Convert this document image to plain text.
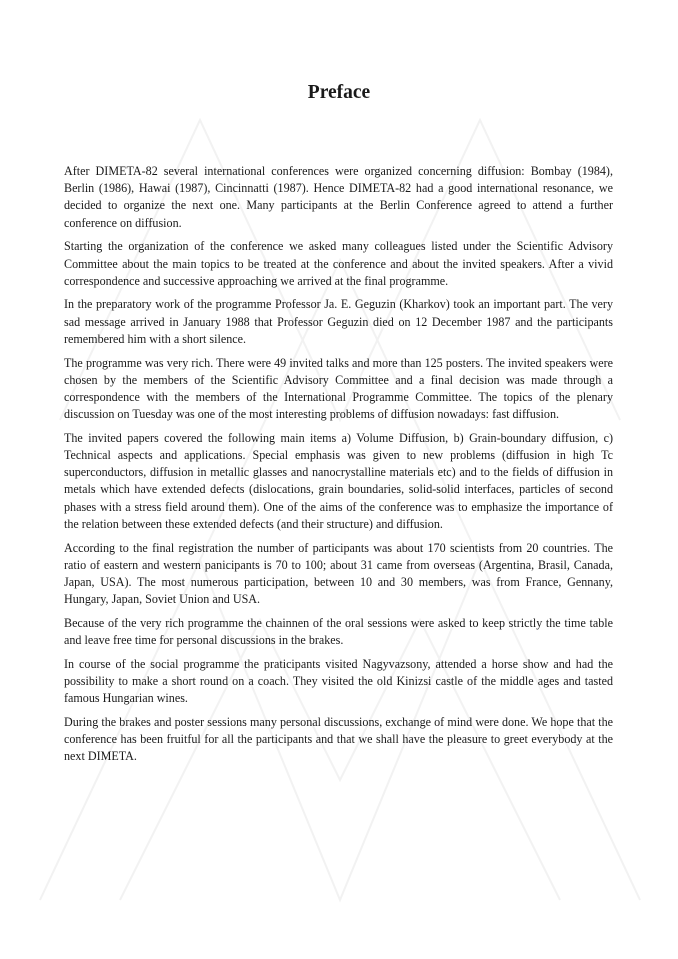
Preface

After DIMETA-82 several international conferences were organized concerning diffusion: Bombay (1984), Berlin (1986), Hawai (1987), Cincinnatti (1987). Hence DIMETA-82 had a good international resonance, we decided to organize the next one. Many participants at the Berlin Conference agreed to attend a further conference on diffusion.

Starting the organization of the conference we asked many colleagues listed under the Scientific Advisory Committee about the main topics to be treated at the conference and about the invited speakers. After a vivid correspondence and successive approaching we arrived at the final programme.

In the preparatory work of the programme Professor Ja. E. Geguzin (Kharkov) took an important part. The very sad message arrived in January 1988 that Professor Geguzin died on 12 December 1987 and the participants remembered him with a short silence.

The programme was very rich. There were 49 invited talks and more than 125 posters. The invited speakers were chosen by the members of the Scientific Advisory Committee and a final decision was made through a correspondence with the members of the International Programme Committee. The topics of the plenary discussion on Tuesday was one of the most interesting problems of diffusion nowadays: fast diffusion.

The invited papers covered the following main items a) Volume Diffusion, b) Grain-boundary diffusion, c) Technical aspects and applications. Special emphasis was given to new problems (diffusion in high Tc superconductors, diffusion in metallic glasses and nanocrystalline materials etc) and to the fields of diffusion in metals which have extended defects (dislocations, grain boundaries, solid-solid interfaces, particles of second phases with a stress field around them). One of the aims of the conference was to emphasize the importance of the relation between these extended defects (and their structure) and diffusion.

According to the final registration the number of participants was about 170 scientists from 20 countries. The ratio of eastern and western panicipants is 70 to 100; about 31 came from overseas (Argentina, Brasil, Canada, Japan, USA). The most numerous participation, between 10 and 30 members, was from France, Gennany, Hungary, Japan, Soviet Union and USA.

Because of the very rich programme the chainnen of the oral sessions were asked to keep strictly the time table and leave free time for personal discussions in the brakes.

In course of the social programme the praticipants visited Nagyvazsony, attended a horse show and had the possibility to make a short round on a coach. They visited the old Kinizsi castle of the middle ages and tasted famous Hungarian wines.

During the brakes and poster sessions many personal discussions, exchange of mind were done. We hope that the conference has been fruitful for all the participants and that we shall have the pleasure to greet everybody at the next DIMETA.
